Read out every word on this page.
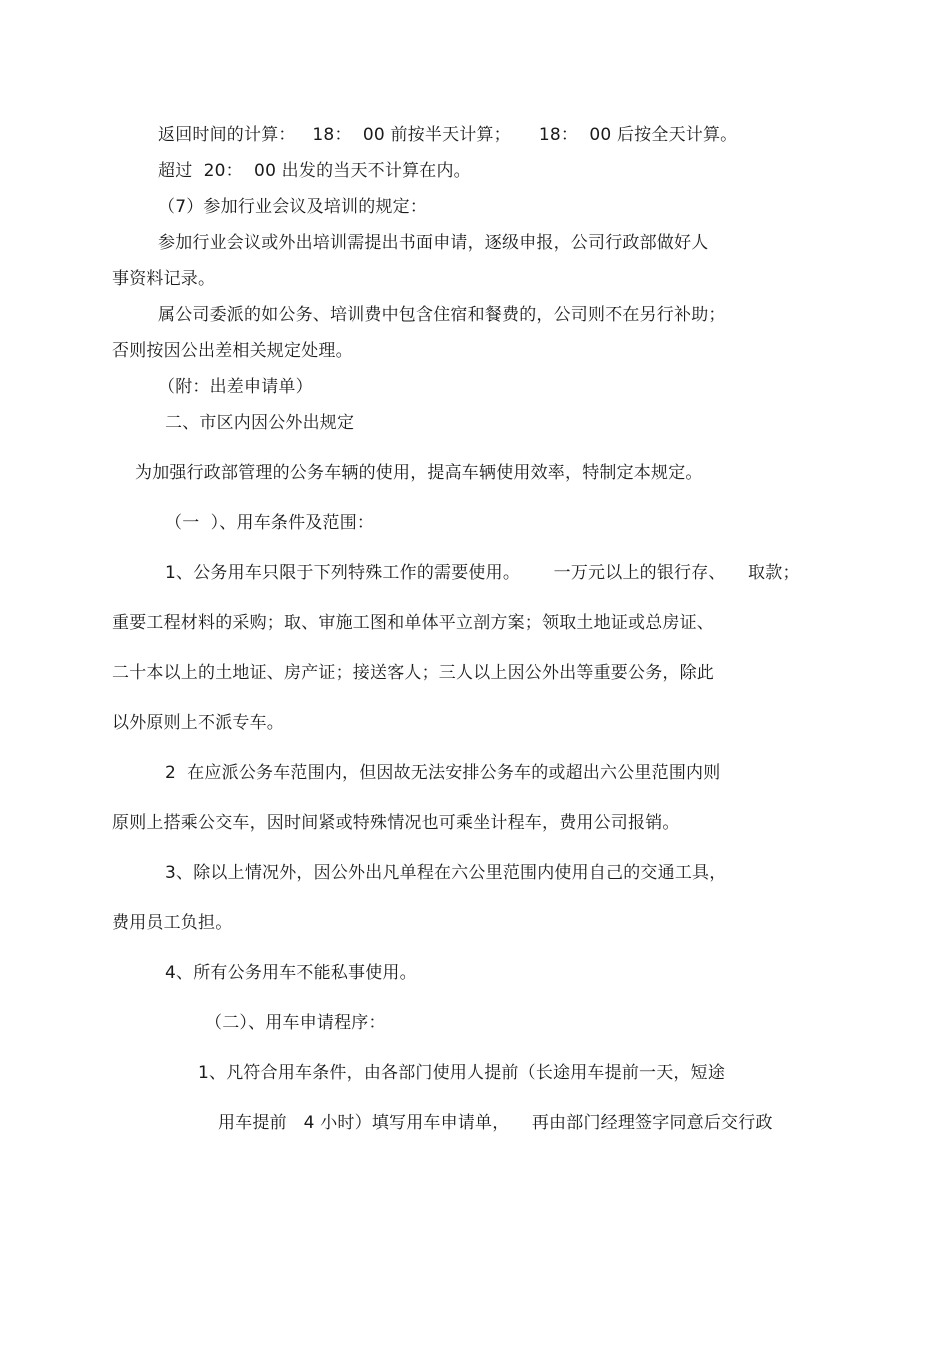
返回时间的计算：   18：  00 前按半天计算；     18：  00 后按全天计算。
超过  20：  00 出发的当天不计算在内。
（7）参加行业会议及培训的规定：
参加行业会议或外出培训需提出书面申请，逐级申报，公司行政部做好人
事资料记录。
属公司委派的如公务、培训费中包含住宿和餐费的，公司则不在另行补助；
否则按因公出差相关规定处理。
（附：出差申请单）
二、市区内因公外出规定
为加强行政部管理的公务车辆的使用，提高车辆使用效率，特制定本规定。
（一  ）、用车条件及范围：
1、公务用车只限于下列特殊工作的需要使用。      一万元以上的银行存、    取款；
重要工程材料的采购；取、审施工图和单体平立剖方案；领取土地证或总房证、
二十本以上的土地证、房产证；接送客人；三人以上因公外出等重要公务，除此
以外原则上不派专车。
2  在应派公务车范围内，但因故无法安排公务车的或超出六公里范围内则
原则上搭乘公交车，因时间紧或特殊情况也可乘坐计程车，费用公司报销。
3、除以上情况外，因公外出凡单程在六公里范围内使用自己的交通工具，
费用员工负担。
4、所有公务用车不能私事使用。
（二）、用车申请程序：
1、凡符合用车条件，由各部门使用人提前（长途用车提前一天，短途
用车提前   4 小时）填写用车申请单，    再由部门经理签字同意后交行政
